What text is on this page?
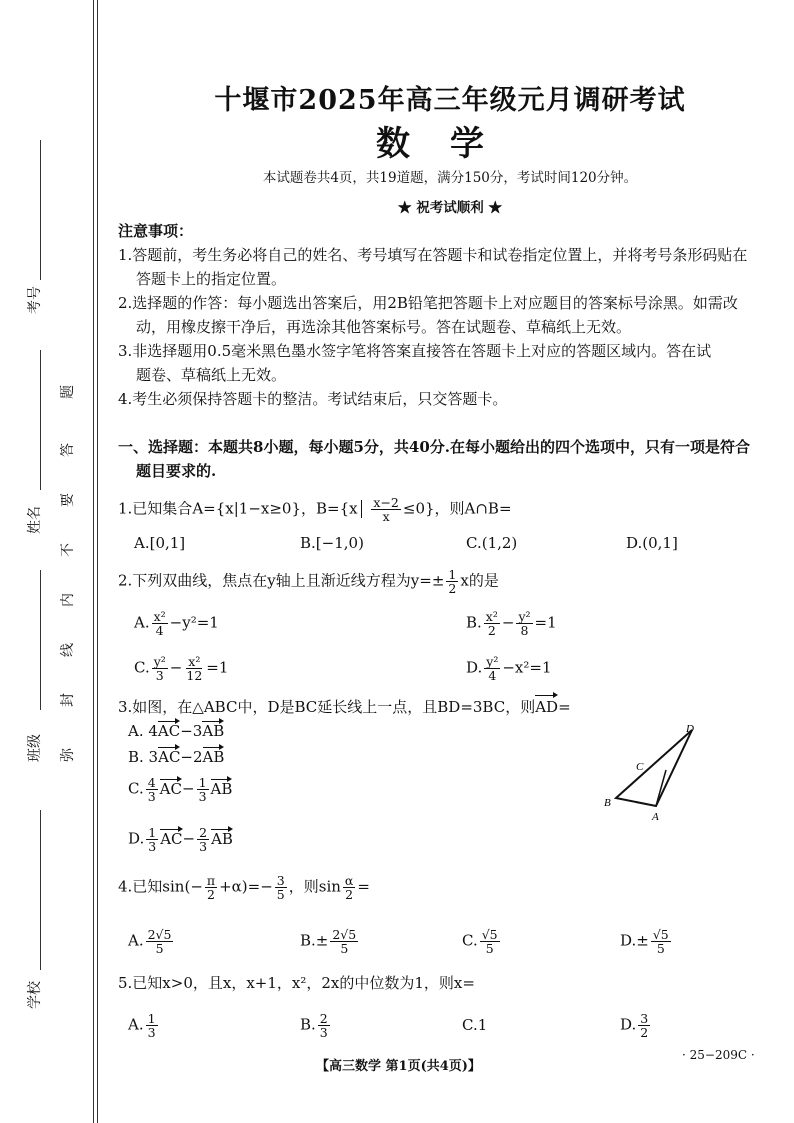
考号
姓名
班级
学校
题
答
要
不
内
线
封
弥
十堰市2025年高三年级元月调研考试
数学
本试题卷共4页，共19道题，满分150分，考试时间120分钟。
★ 祝考试顺利 ★
注意事项：
1.答题前，考生务必将自己的姓名、考号填写在答题卡和试卷指定位置上，并将考号条形码贴在
答题卡上的指定位置。
2.选择题的作答：每小题选出答案后，用2B铅笔把答题卡上对应题目的答案标号涂黑。如需改
动，用橡皮擦干净后，再选涂其他答案标号。答在试题卷、草稿纸上无效。
3.非选择题用0.5毫米黑色墨水签字笔将答案直接答在答题卡上对应的答题区域内。答在试
题卷、草稿纸上无效。
4.考生必须保持答题卡的整洁。考试结束后，只交答题卡。
一、选择题：本题共8小题，每小题5分，共40分.在每小题给出的四个选项中，只有一项是符合
题目要求的.
1.已知集合A={x|1−x≥0}，$B=\{x \frac{x-2}{x} \le 0\}$，则A∩B=
A.[0,1]	B.[−1,0)	C.(1,2)	D.(0,1]
2.下列双曲线，焦点在y轴上且渐近线方程为$y=\pm \frac{1}{2}$ x的是
A. $\frac{\text{x²}}{4} -y^2=1$	B. $\frac{\text{x²}}{2} - \frac{\text{y²}}{8} =1$
C. $\frac{\text{y²}}{3} - \frac{\text{x²}}{12} =1$	D. $\frac{\text{y²}}{4} -x^2=1$
3.如图，在△ABC中，D是BC延长线上一点，且BD=3BC，则AD=
A. 4AC−3AB
B. 3AC−2AB
C. $\frac{4}{3} AC- \frac{1}{3}$ AB
D. $\frac{1}{3} AC- \frac{2}{3}$ AB
D
C
B
A
4.已知$\sin(- \frac{\pi}{2} +\alpha)=- \frac{3}{5}$ ，则$\sin \frac{\alpha}{2}$ =
A. $\frac{2√5}{5}$	$B.\pm \frac{2√5}{5}$	C. $\frac{√5}{5}$	$D.\pm \frac{√5}{5}$
5.已知x>0，且x，x+1，x²，2x的中位数为1，则x=
A. $\frac{1}{3}$	B. $\frac{2}{3}$	C.1	D. $\frac{3}{2}$
【高三数学 第1页(共4页)】
· 25−209C ·
